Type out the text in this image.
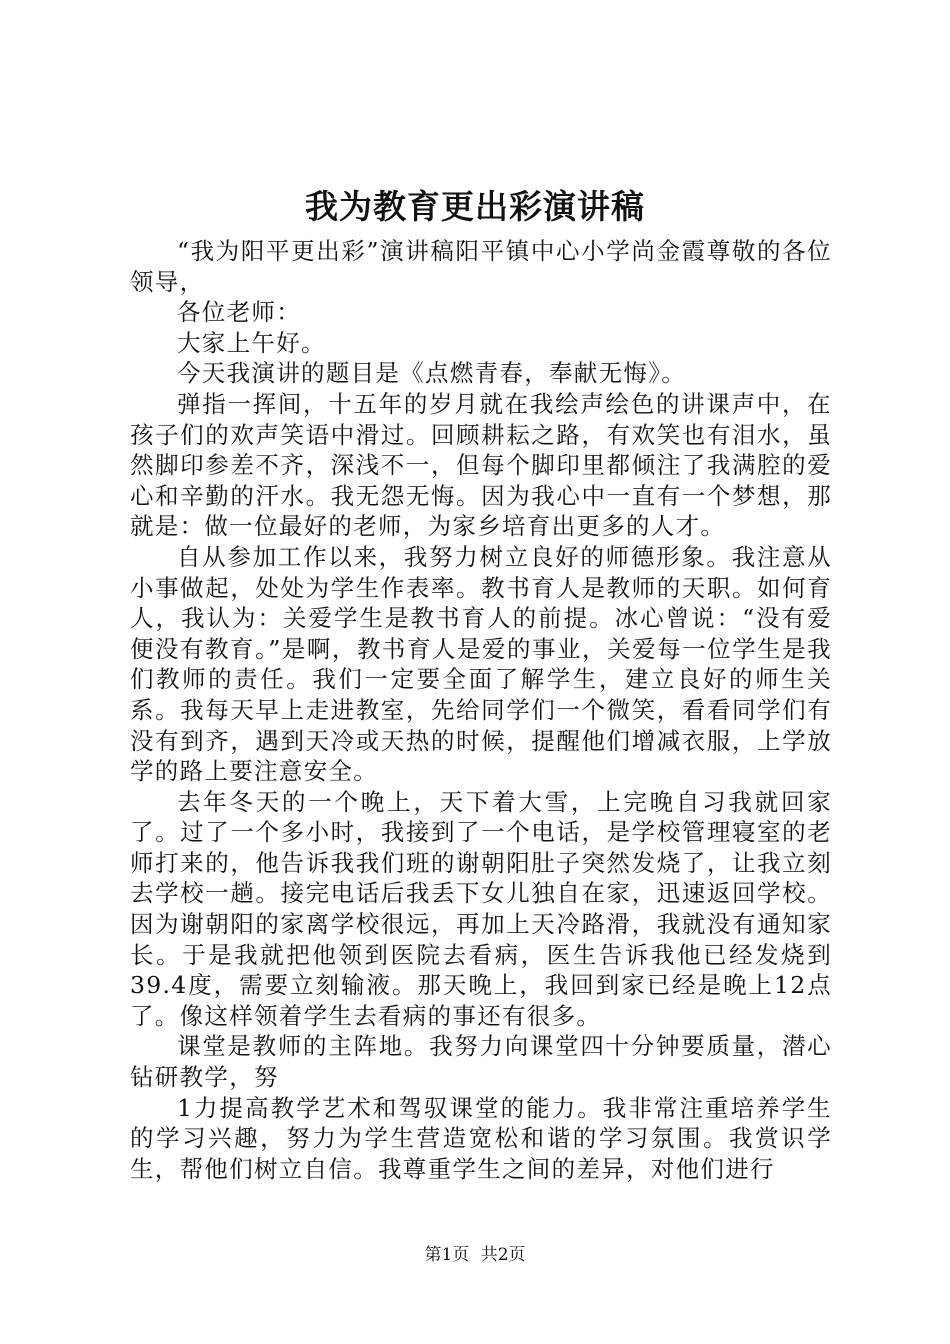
我为教育更出彩演讲稿

“我为阳平更出彩”演讲稿阳平镇中心小学尚金霞尊敬的各位领导，

各位老师：

大家上午好。

今天我演讲的题目是《点燃青春，奉献无悔》。

弹指一挥间，十五年的岁月就在我绘声绘色的讲课声中，在孩子们的欢声笑语中滑过。回顾耕耘之路，有欢笑也有泪水，虽然脚印参差不齐，深浅不一，但每个脚印里都倾注了我满腔的爱心和辛勤的汗水。我无怨无悔。因为我心中一直有一个梦想，那就是：做一位最好的老师，为家乡培育出更多的人才。

自从参加工作以来，我努力树立良好的师德形象。我注意从小事做起，处处为学生作表率。教书育人是教师的天职。如何育人，我认为：关爱学生是教书育人的前提。冰心曾说：“没有爱便没有教育。”是啊，教书育人是爱的事业，关爱每一位学生是我们教师的责任。我们一定要全面了解学生，建立良好的师生关系。我每天早上走进教室，先给同学们一个微笑，看看同学们有没有到齐，遇到天冷或天热的时候，提醒他们增减衣服，上学放学的路上要注意安全。

去年冬天的一个晚上，天下着大雪，上完晚自习我就回家了。过了一个多小时，我接到了一个电话，是学校管理寝室的老师打来的，他告诉我我们班的谢朝阳肚子突然发烧了，让我立刻去学校一趟。接完电话后我丢下女儿独自在家，迅速返回学校。因为谢朝阳的家离学校很远，再加上天冷路滑，我就没有通知家长。于是我就把他领到医院去看病，医生告诉我他已经发烧到39.4度，需要立刻输液。那天晚上，我回到家已经是晚上12点了。像这样领着学生去看病的事还有很多。

课堂是教师的主阵地。我努力向课堂四十分钟要质量，潜心钻研教学，努

1力提高教学艺术和驾驭课堂的能力。我非常注重培养学生的学习兴趣，努力为学生营造宽松和谐的学习氛围。我赏识学生，帮他们树立自信。我尊重学生之间的差异，对他们进行

第1页 共2页
